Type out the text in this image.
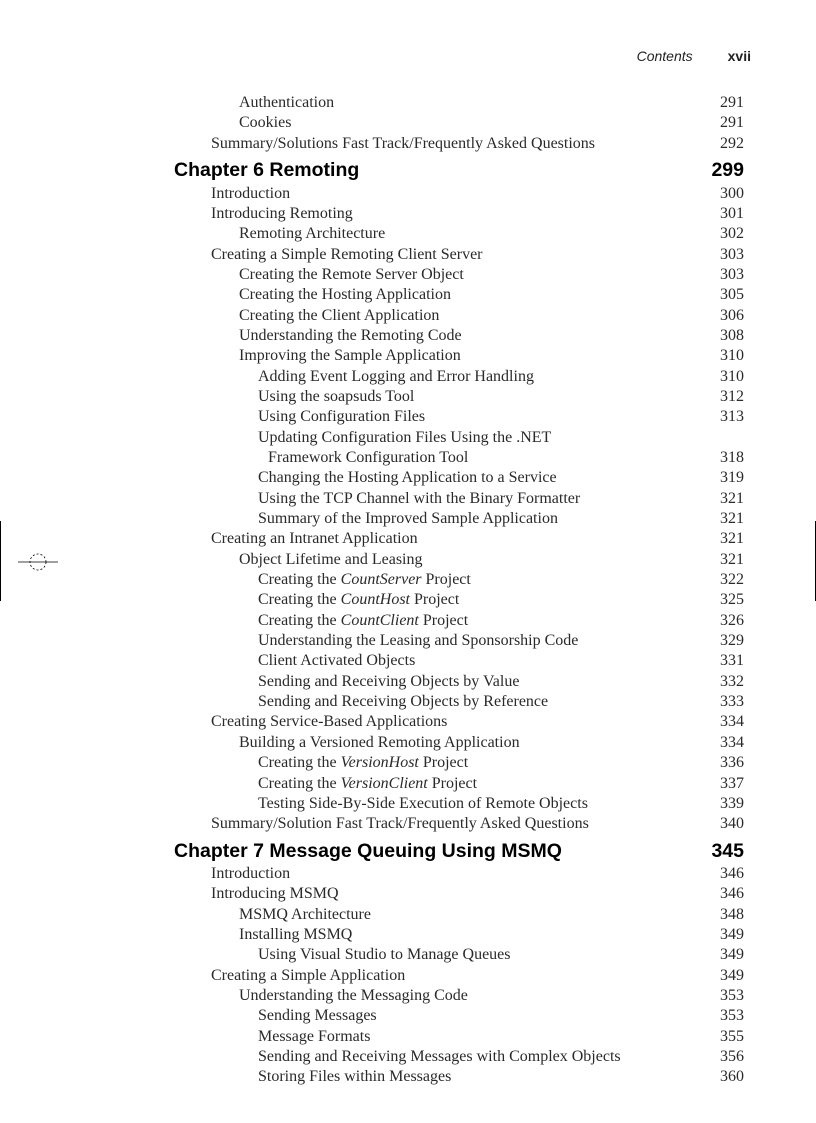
Contents	xvii
Authentication	291
Cookies	291
Summary/Solutions Fast Track/Frequently Asked Questions	292
Chapter 6 Remoting	299
Introduction	300
Introducing Remoting	301
Remoting Architecture	302
Creating a Simple Remoting Client Server	303
Creating the Remote Server Object	303
Creating the Hosting Application	305
Creating the Client Application	306
Understanding the Remoting Code	308
Improving the Sample Application	310
Adding Event Logging and Error Handling	310
Using the soapsuds Tool	312
Using Configuration Files	313
Updating Configuration Files Using the .NET
Framework Configuration Tool	318
Changing the Hosting Application to a Service	319
Using the TCP Channel with the Binary Formatter	321
Summary of the Improved Sample Application	321
Creating an Intranet Application	321
Object Lifetime and Leasing	321
Creating the CountServer Project	322
Creating the CountHost Project	325
Creating the CountClient Project	326
Understanding the Leasing and Sponsorship Code	329
Client Activated Objects	331
Sending and Receiving Objects by Value	332
Sending and Receiving Objects by Reference	333
Creating Service-Based Applications	334
Building a Versioned Remoting Application	334
Creating the VersionHost Project	336
Creating the VersionClient Project	337
Testing Side-By-Side Execution of Remote Objects	339
Summary/Solution Fast Track/Frequently Asked Questions	340
Chapter 7 Message Queuing Using MSMQ	345
Introduction	346
Introducing MSMQ	346
MSMQ Architecture	348
Installing MSMQ	349
Using Visual Studio to Manage Queues	349
Creating a Simple Application	349
Understanding the Messaging Code	353
Sending Messages	353
Message Formats	355
Sending and Receiving Messages with Complex Objects	356
Storing Files within Messages	360
